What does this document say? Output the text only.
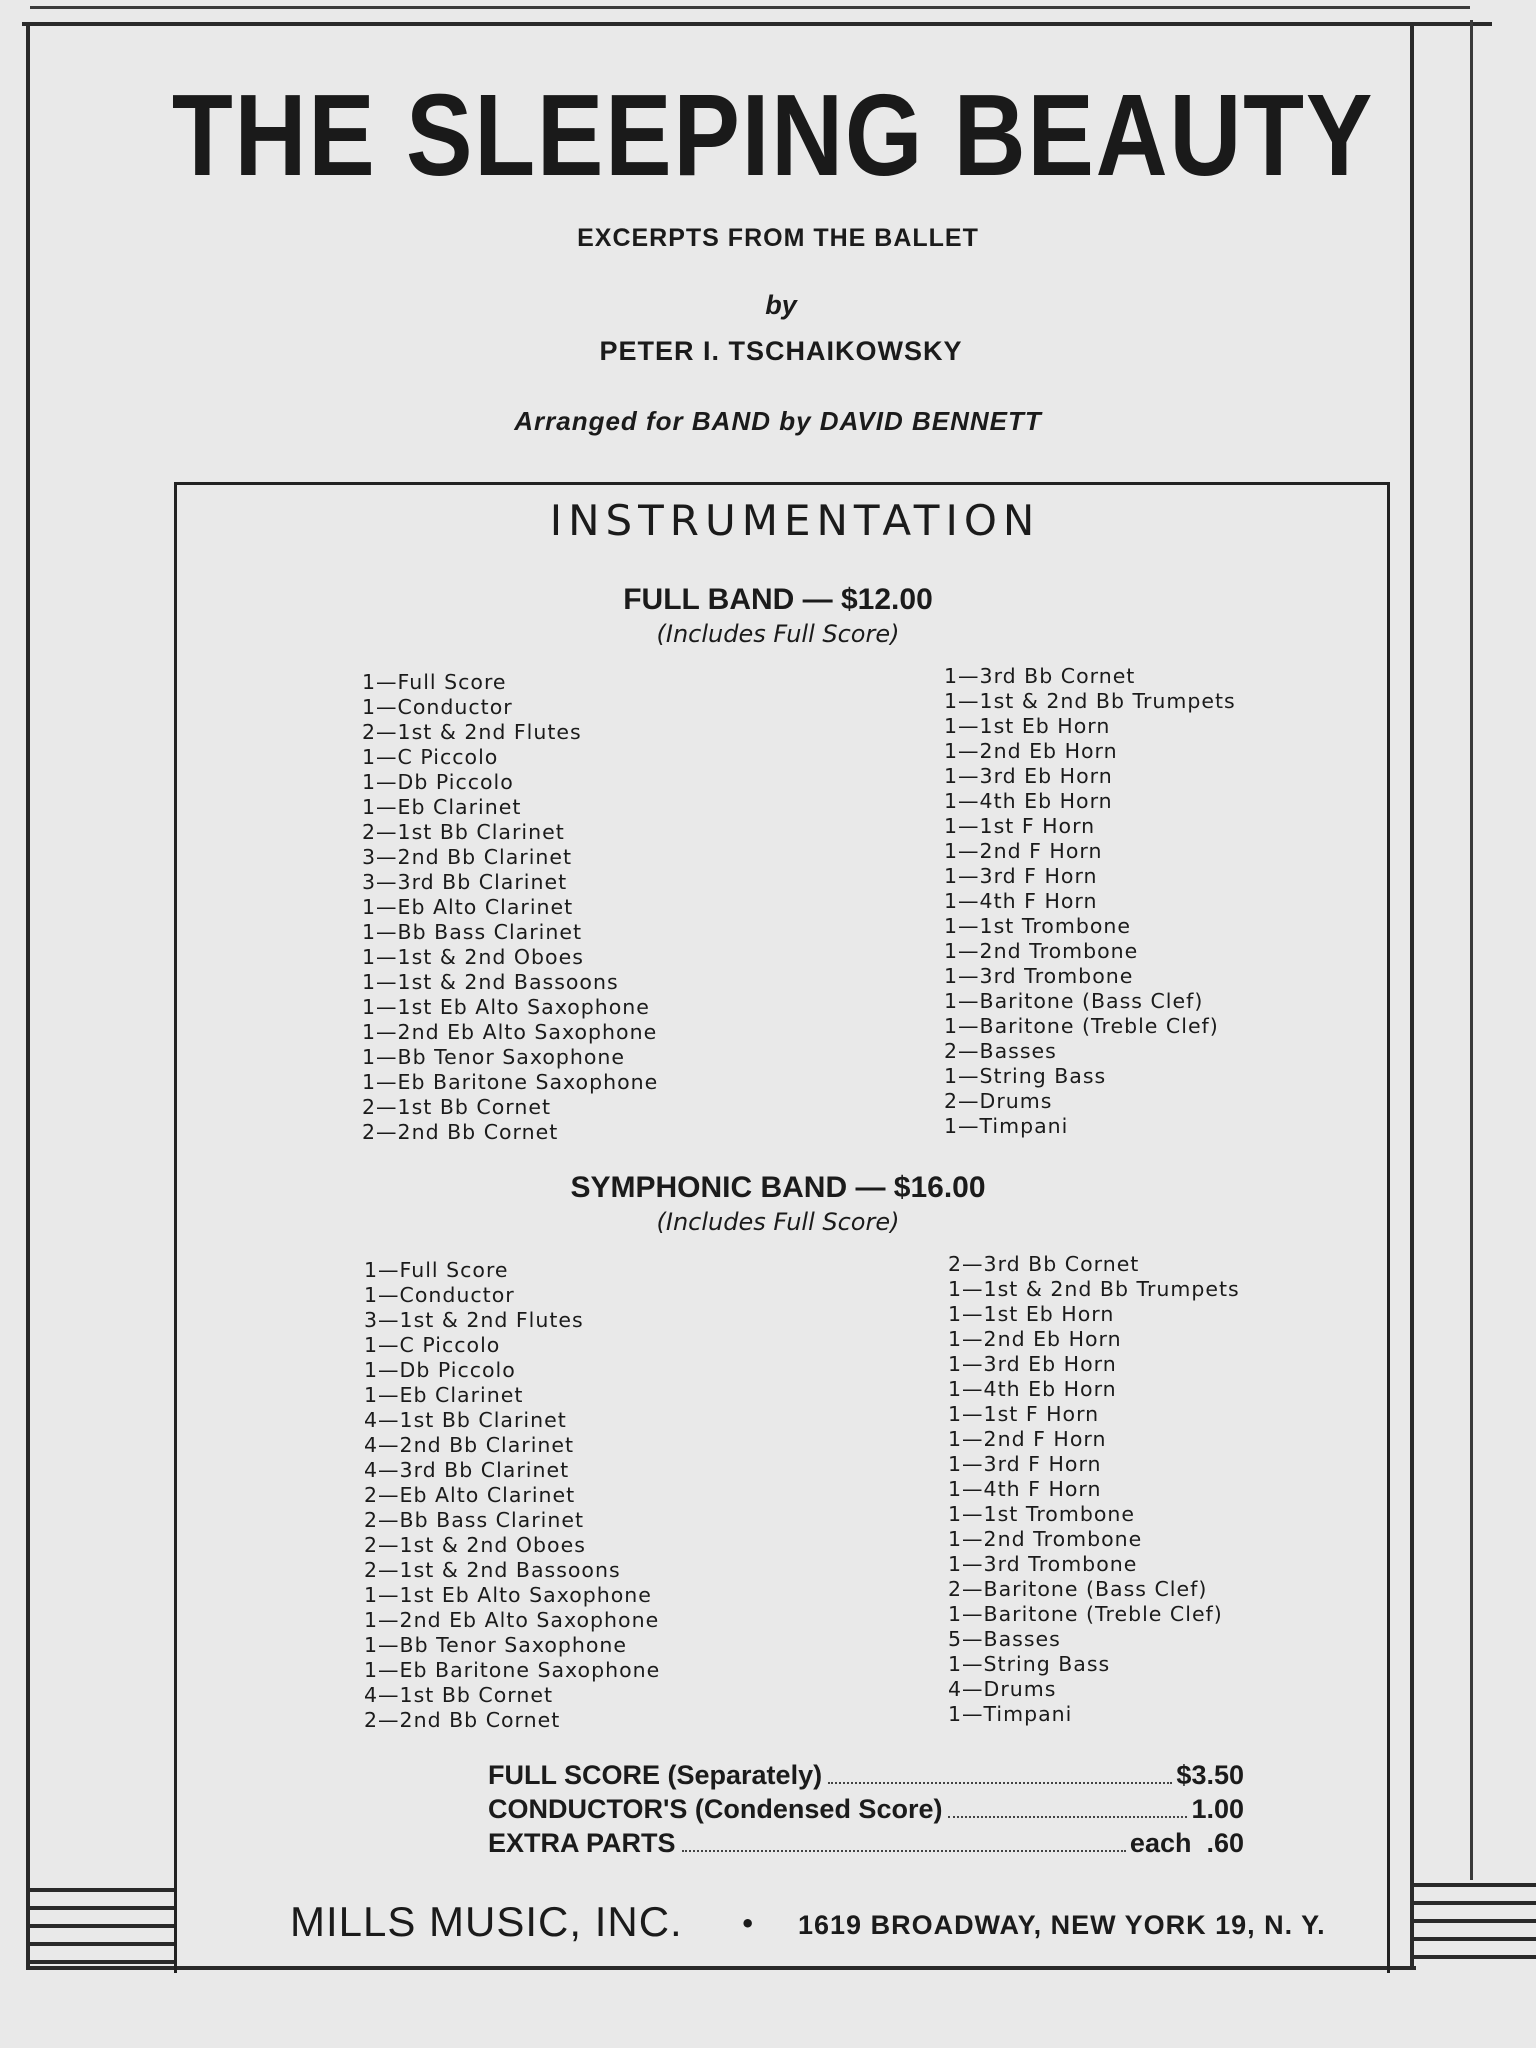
THE SLEEPING BEAUTY
EXCERPTS FROM THE BALLET
by
PETER I. TSCHAIKOWSKY
Arranged for BAND by DAVID BENNETT
INSTRUMENTATION
FULL BAND — $12.00
(Includes Full Score)
1—Full Score
1—Conductor
2—1st & 2nd Flutes
1—C Piccolo
1—Db Piccolo
1—Eb Clarinet
2—1st Bb Clarinet
3—2nd Bb Clarinet
3—3rd Bb Clarinet
1—Eb Alto Clarinet
1—Bb Bass Clarinet
1—1st & 2nd Oboes
1—1st & 2nd Bassoons
1—1st Eb Alto Saxophone
1—2nd Eb Alto Saxophone
1—Bb Tenor Saxophone
1—Eb Baritone Saxophone
2—1st Bb Cornet
2—2nd Bb Cornet
1—3rd Bb Cornet
1—1st & 2nd Bb Trumpets
1—1st Eb Horn
1—2nd Eb Horn
1—3rd Eb Horn
1—4th Eb Horn
1—1st F Horn
1—2nd F Horn
1—3rd F Horn
1—4th F Horn
1—1st Trombone
1—2nd Trombone
1—3rd Trombone
1—Baritone (Bass Clef)
1—Baritone (Treble Clef)
2—Basses
1—String Bass
2—Drums
1—Timpani
SYMPHONIC BAND — $16.00
(Includes Full Score)
1—Full Score
1—Conductor
3—1st & 2nd Flutes
1—C Piccolo
1—Db Piccolo
1—Eb Clarinet
4—1st Bb Clarinet
4—2nd Bb Clarinet
4—3rd Bb Clarinet
2—Eb Alto Clarinet
2—Bb Bass Clarinet
2—1st & 2nd Oboes
2—1st & 2nd Bassoons
1—1st Eb Alto Saxophone
1—2nd Eb Alto Saxophone
1—Bb Tenor Saxophone
1—Eb Baritone Saxophone
4—1st Bb Cornet
2—2nd Bb Cornet
2—3rd Bb Cornet
1—1st & 2nd Bb Trumpets
1—1st Eb Horn
1—2nd Eb Horn
1—3rd Eb Horn
1—4th Eb Horn
1—1st F Horn
1—2nd F Horn
1—3rd F Horn
1—4th F Horn
1—1st Trombone
1—2nd Trombone
1—3rd Trombone
2—Baritone (Bass Clef)
1—Baritone (Treble Clef)
5—Basses
1—String Bass
4—Drums
1—Timpani
FULL SCORE (Separately)	$3.50
CONDUCTOR'S (Condensed Score)	1.00
EXTRA PARTS	each  .60
MILLS MUSIC, INC. • 1619 BROADWAY, NEW YORK 19, N. Y.
